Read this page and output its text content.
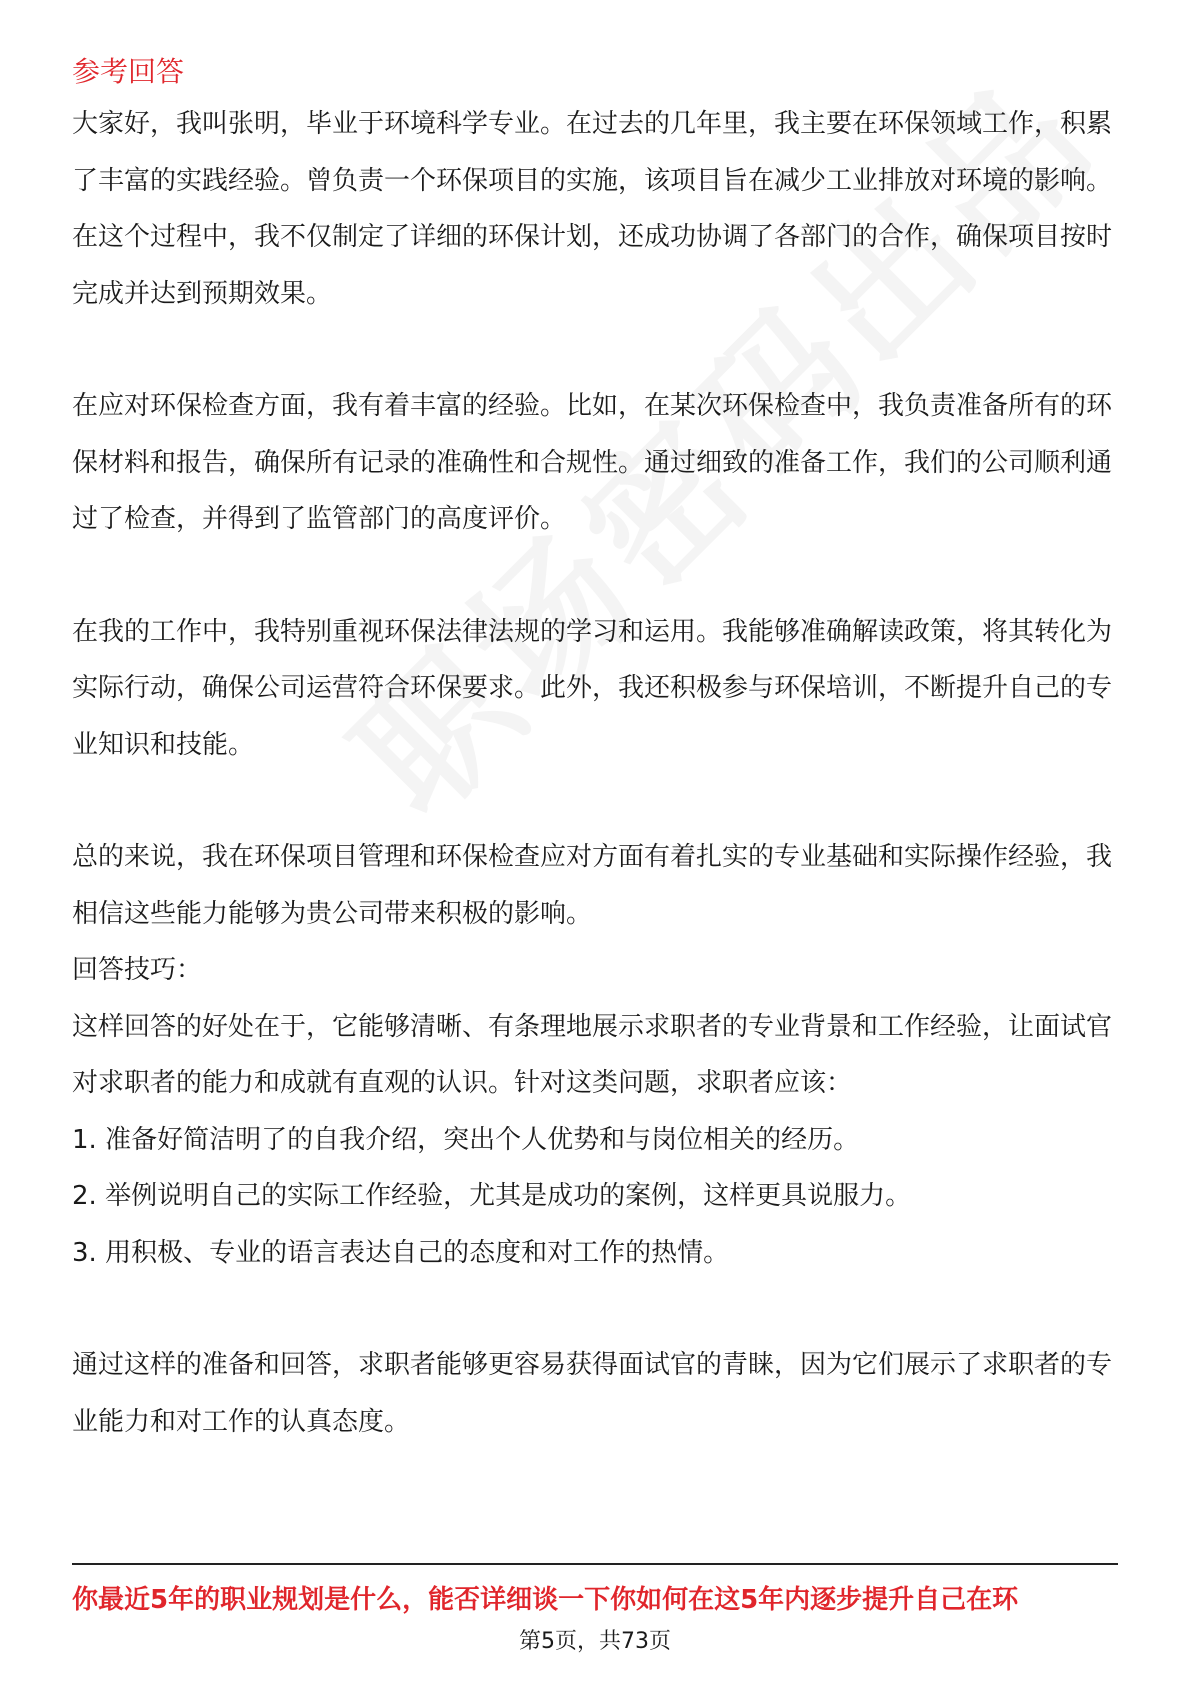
参考回答

大家好，我叫张明，毕业于环境科学专业。在过去的几年里，我主要在环保领域工作，积累了丰富的实践经验。曾负责一个环保项目的实施，该项目旨在减少工业排放对环境的影响。在这个过程中，我不仅制定了详细的环保计划，还成功协调了各部门的合作，确保项目按时完成并达到预期效果。

在应对环保检查方面，我有着丰富的经验。比如，在某次环保检查中，我负责准备所有的环保材料和报告，确保所有记录的准确性和合规性。通过细致的准备工作，我们的公司顺利通过了检查，并得到了监管部门的高度评价。

在我的工作中，我特别重视环保法律法规的学习和运用。我能够准确解读政策，将其转化为实际行动，确保公司运营符合环保要求。此外，我还积极参与环保培训，不断提升自己的专业知识和技能。

总的来说，我在环保项目管理和环保检查应对方面有着扎实的专业基础和实际操作经验，我相信这些能力能够为贵公司带来积极的影响。

回答技巧：

这样回答的好处在于，它能够清晰、有条理地展示求职者的专业背景和工作经验，让面试官对求职者的能力和成就有直观的认识。针对这类问题，求职者应该：

1. 准备好简洁明了的自我介绍，突出个人优势和与岗位相关的经历。

2. 举例说明自己的实际工作经验，尤其是成功的案例，这样更具说服力。

3. 用积极、专业的语言表达自己的态度和对工作的热情。

通过这样的准备和回答，求职者能够更容易获得面试官的青睐，因为它们展示了求职者的专业能力和对工作的认真态度。

你最近5年的职业规划是什么，能否详细谈一下你如何在这5年内逐步提升自己在环

第5页，共73页
